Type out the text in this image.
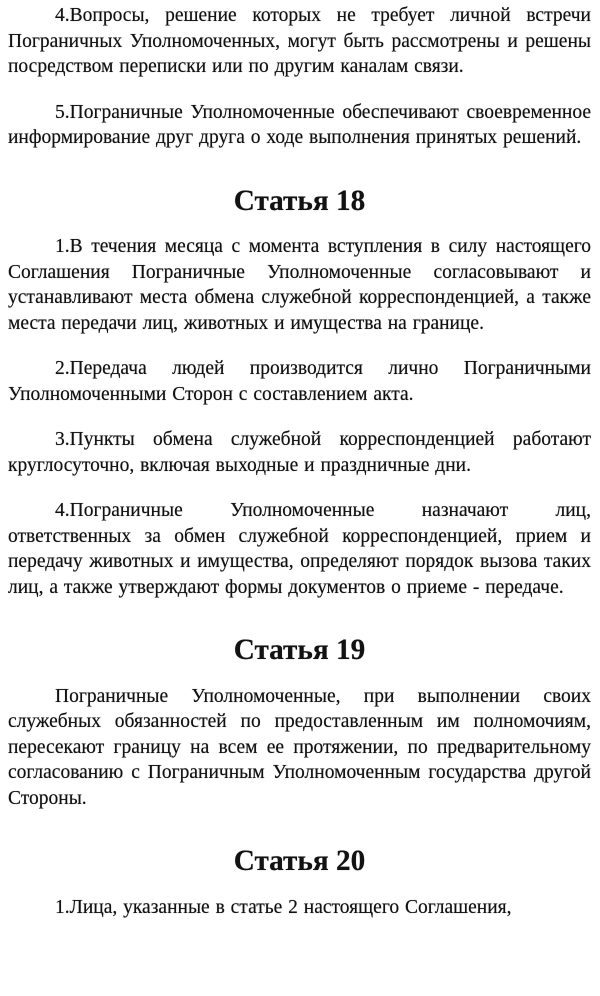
4.Вопросы, решение которых не требует личной встречи Пограничных Уполномоченных, могут быть рассмотрены и решены посредством переписки или по другим каналам связи.

5.Пограничные Уполномоченные обеспечивают своевременное информирование друг друга о ходе выполнения принятых решений.

Статья 18

1.В течения месяца с момента вступления в силу настоящего Соглашения Пограничные Уполномоченные согласовывают и устанавливают места обмена служебной корреспонденцией, а также места передачи лиц, животных и имущества на границе.

2.Передача людей производится лично Пограничными Уполномоченными Сторон с составлением акта.

3.Пункты обмена служебной корреспонденцией работают круглосуточно, включая выходные и праздничные дни.

4.Пограничные Уполномоченные назначают лиц, ответственных за обмен служебной корреспонденцией, прием и передачу животных и имущества, определяют порядок вызова таких лиц, а также утверждают формы документов о приеме - передаче.

Статья 19

Пограничные Уполномоченные, при выполнении своих служебных обязанностей по предоставленным им полномочиям, пересекают границу на всем ее протяжении, по предварительному согласованию с Пограничным Уполномоченным государства другой Стороны.

Статья 20

1.Лица, указанные в статье 2 настоящего Соглашения,
